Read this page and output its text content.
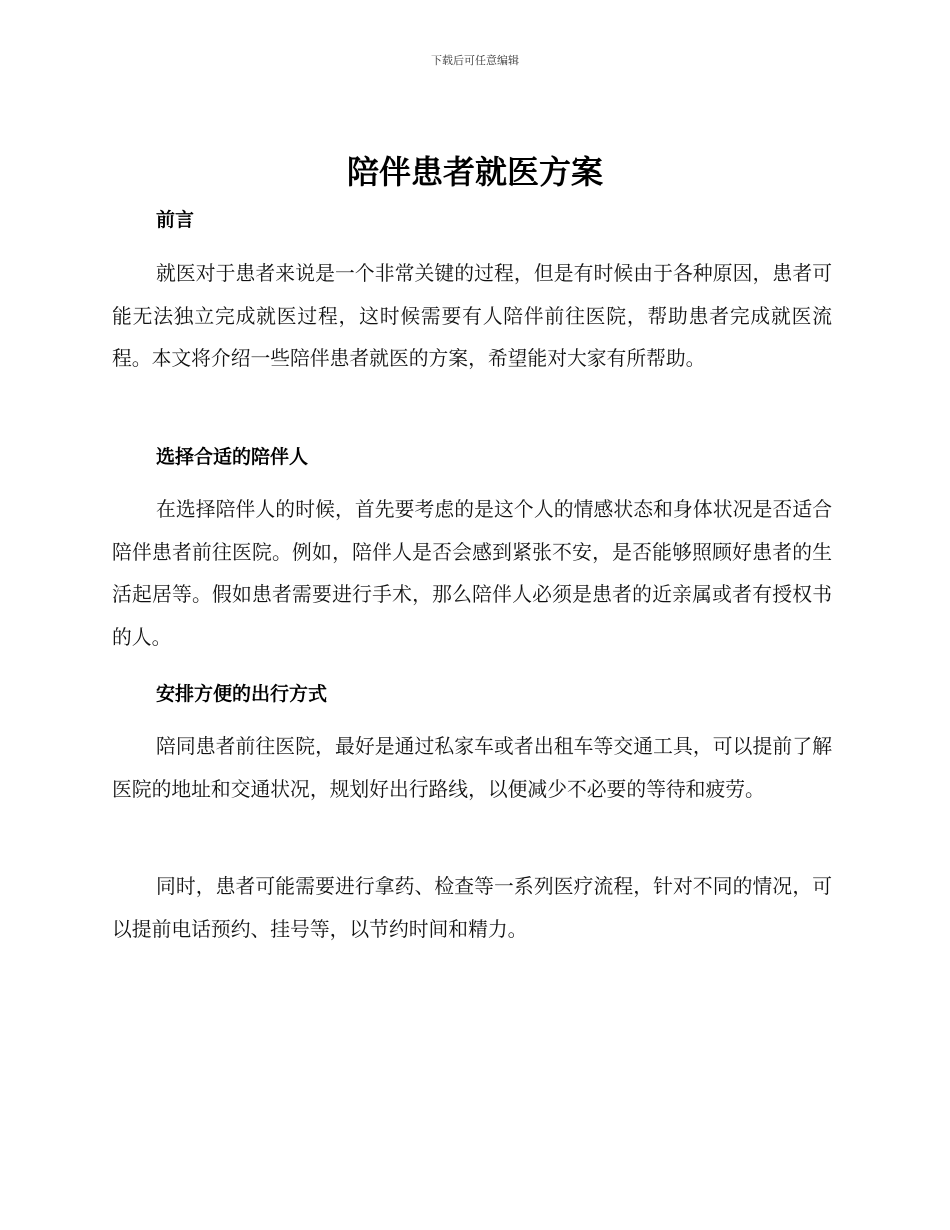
下载后可任意编辑
陪伴患者就医方案
前言

就医对于患者来说是一个非常关键的过程，但是有时候由于各种原因，患者可能无法独立完成就医过程，这时候需要有人陪伴前往医院，帮助患者完成就医流程。本文将介绍一些陪伴患者就医的方案，希望能对大家有所帮助。

选择合适的陪伴人

在选择陪伴人的时候，首先要考虑的是这个人的情感状态和身体状况是否适合陪伴患者前往医院。例如，陪伴人是否会感到紧张不安，是否能够照顾好患者的生活起居等。假如患者需要进行手术，那么陪伴人必须是患者的近亲属或者有授权书的人。

安排方便的出行方式

陪同患者前往医院，最好是通过私家车或者出租车等交通工具，可以提前了解医院的地址和交通状况，规划好出行路线，以便减少不必要的等待和疲劳。

同时，患者可能需要进行拿药、检查等一系列医疗流程，针对不同的情况，可以提前电话预约、挂号等，以节约时间和精力。
